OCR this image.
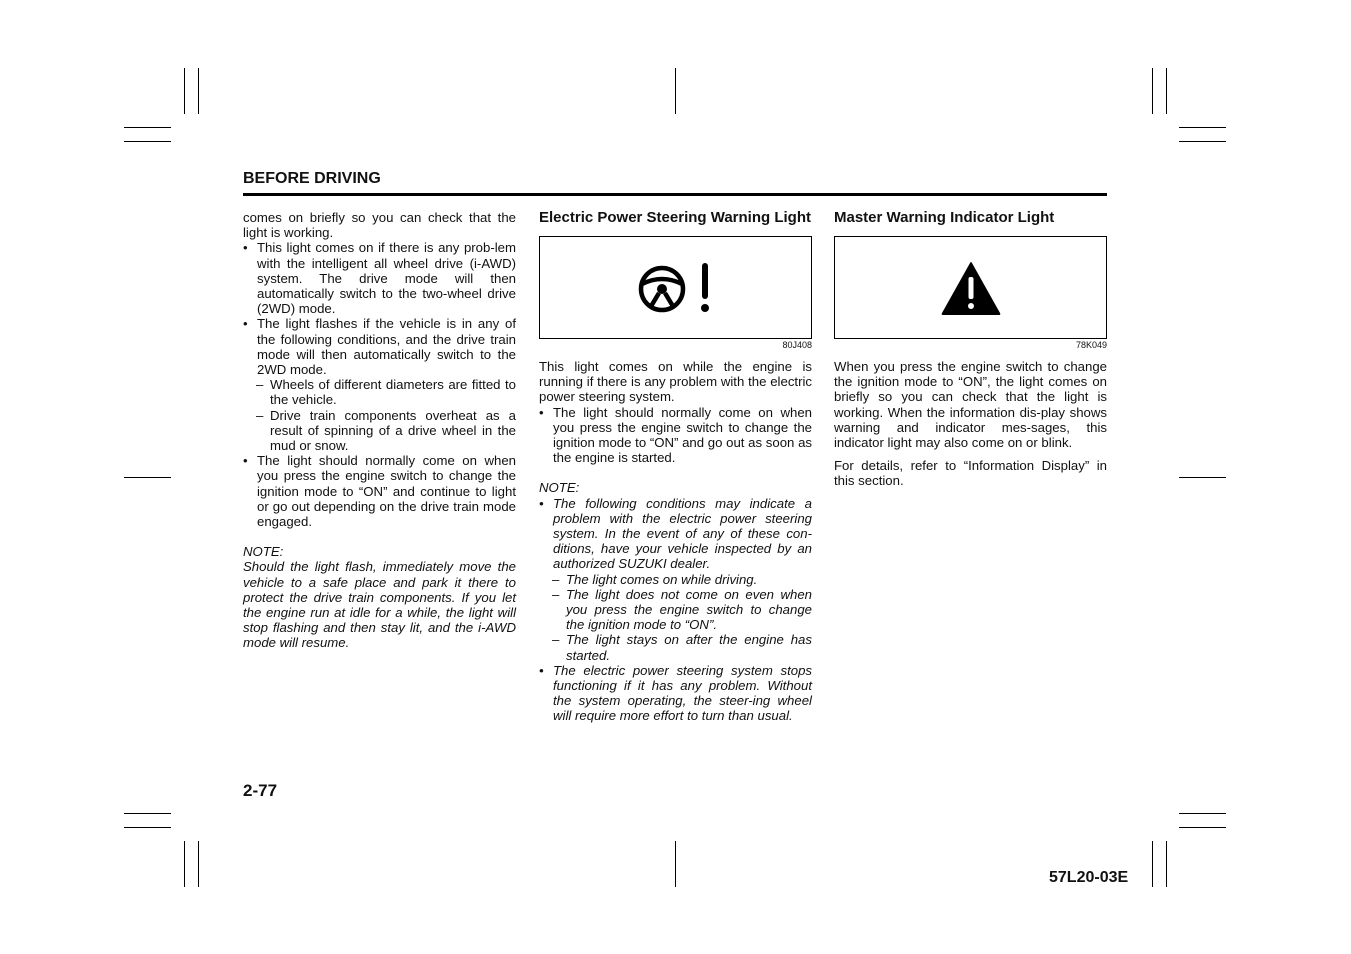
BEFORE DRIVING

comes on briefly so you can check that the light is working.

• This light comes on if there is any prob-lem with the intelligent all wheel drive (i-AWD) system. The drive mode will then automatically switch to the two-wheel drive (2WD) mode.
• The light flashes if the vehicle is in any of the following conditions, and the drive train mode will then automatically switch to the 2WD mode.
– Wheels of different diameters are fitted to the vehicle.
– Drive train components overheat as a result of spinning of a drive wheel in the mud or snow.
• The light should normally come on when you press the engine switch to change the ignition mode to “ON” and continue to light or go out depending on the drive train mode engaged.

NOTE:

Should the light flash, immediately move the vehicle to a safe place and park it there to protect the drive train components. If you let the engine run at idle for a while, the light will stop flashing and then stay lit, and the i-AWD mode will resume.

Electric Power Steering Warning Light
80J408

This light comes on while the engine is running if there is any problem with the electric power steering system.

• The light should normally come on when you press the engine switch to change the ignition mode to “ON” and go out as soon as the engine is started.

NOTE:

• The following conditions may indicate a problem with the electric power steering system. In the event of any of these con-ditions, have your vehicle inspected by an authorized SUZUKI dealer.
– The light comes on while driving.
– The light does not come on even when you press the engine switch to change the ignition mode to “ON”.
– The light stays on after the engine has started.
• The electric power steering system stops functioning if it has any problem. Without the system operating, the steer-ing wheel will require more effort to turn than usual.
Master Warning Indicator Light
78K049

When you press the engine switch to change the ignition mode to “ON”, the light comes on briefly so you can check that the light is working. When the information dis-play shows warning and indicator mes-sages, this indicator light may also come on or blink.

For details, refer to “Information Display” in this section.

2-77
57L20-03E
